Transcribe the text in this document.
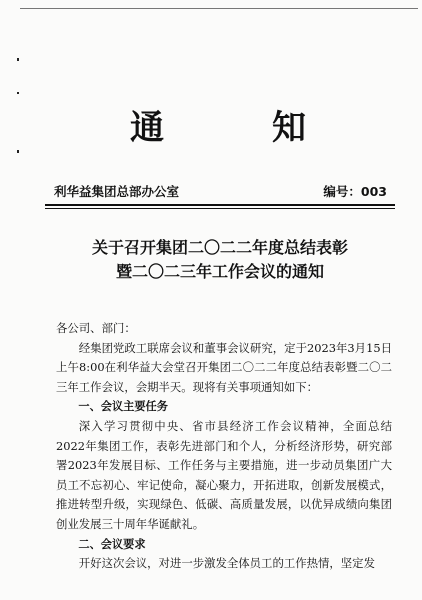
通	知
利华益集团总部办公室	编号：003
关于召开集团二〇二二年度总结表彰
暨二〇二三年工作会议的通知

各公司、部门：

经集团党政工联席会议和董事会议研究，定于2023年3月15日上午8:00在利华益大会堂召开集团二〇二二年度总结表彰暨二〇二三年工作会议，会期半天。现将有关事项通知如下：

一、会议主要任务

深入学习贯彻中央、省市县经济工作会议精神，全面总结2022年集团工作，表彰先进部门和个人，分析经济形势，研究部署2023年发展目标、工作任务与主要措施，进一步动员集团广大员工不忘初心、牢记使命，凝心聚力，开拓进取，创新发展模式，推进转型升级，实现绿色、低碳、高质量发展，以优异成绩向集团创业发展三十周年华诞献礼。

二、会议要求

开好这次会议，对进一步激发全体员工的工作热情，坚定发
